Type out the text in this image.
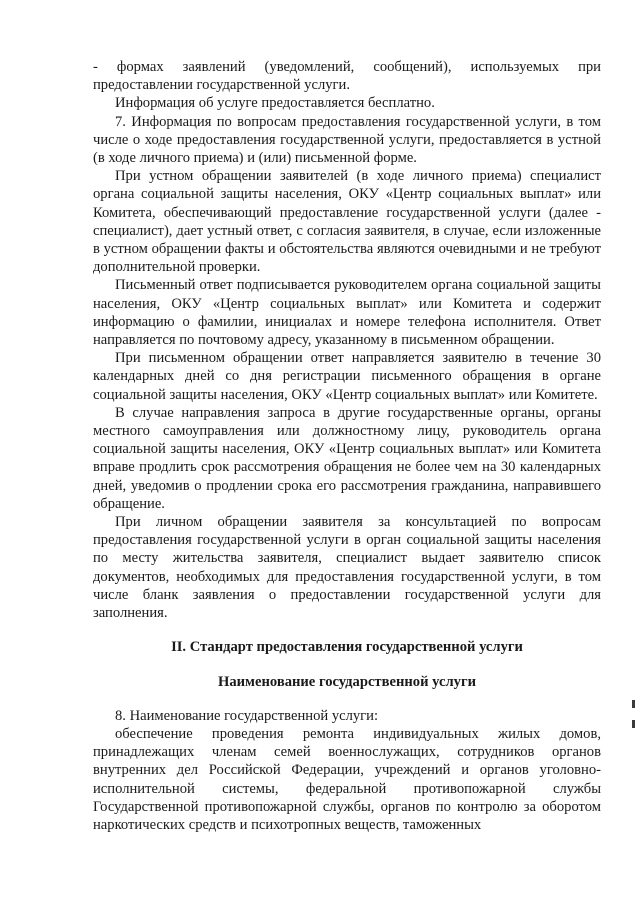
- формах заявлений (уведомлений, сообщений), используемых при предоставлении государственной услуги.

Информация об услуге предоставляется бесплатно.

7. Информация по вопросам предоставления государственной услуги, в том числе о ходе предоставления государственной услуги, предоставляется в устной (в ходе личного приема) и (или) письменной форме.

При устном обращении заявителей (в ходе личного приема) специалист органа социальной защиты населения, ОКУ «Центр социальных выплат» или Комитета, обеспечивающий предоставление государственной услуги (далее - специалист), дает устный ответ, с согласия заявителя, в случае, если изложенные в устном обращении факты и обстоятельства являются очевидными и не требуют дополнительной проверки.

Письменный ответ подписывается руководителем органа социальной защиты населения, ОКУ «Центр социальных выплат» или Комитета и содержит информацию о фамилии, инициалах и номере телефона исполнителя. Ответ направляется по почтовому адресу, указанному в письменном обращении.

При письменном обращении ответ направляется заявителю в течение 30 календарных дней со дня регистрации письменного обращения в органе социальной защиты населения, ОКУ «Центр социальных выплат» или Комитете.

В случае направления запроса в другие государственные органы, органы местного самоуправления или должностному лицу, руководитель органа социальной защиты населения, ОКУ «Центр социальных выплат» или Комитета вправе продлить срок рассмотрения обращения не более чем на 30 календарных дней, уведомив о продлении срока его рассмотрения гражданина, направившего обращение.

При личном обращении заявителя за консультацией по вопросам предоставления государственной услуги в орган социальной защиты населения по месту жительства заявителя, специалист выдает заявителю список документов, необходимых для предоставления государственной услуги, в том числе бланк заявления о предоставлении государственной услуги для заполнения.

II. Стандарт предоставления государственной услуги

Наименование государственной услуги

8. Наименование государственной услуги:

обеспечение проведения ремонта индивидуальных жилых домов, принадлежащих членам семей военнослужащих, сотрудников органов внутренних дел Российской Федерации, учреждений и органов уголовно-исполнительной системы, федеральной противопожарной службы Государственной противопожарной службы, органов по контролю за оборотом наркотических средств и психотропных веществ, таможенных
